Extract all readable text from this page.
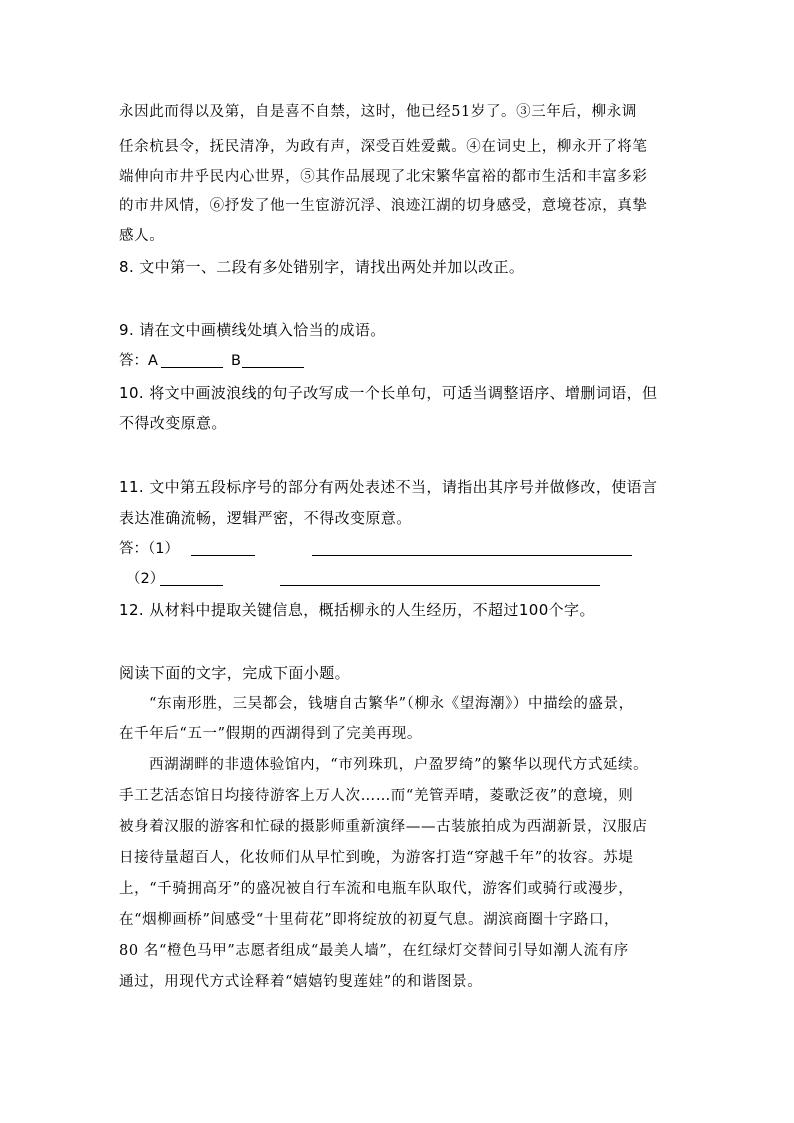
永因此而得以及第，自是喜不自禁，这时，他已经51岁了。③三年后，柳永调

任余杭县令，抚民清净，为政有声，深受百姓爱戴。④在词史上，柳永开了将笔

端伸向市井乎民内心世界，⑤其作品展现了北宋繁华富裕的都市生活和丰富多彩

的市井风情，⑥抒发了他一生宦游沉浮、浪迹江湖的切身感受，意境苍凉，真挚

感人。

8. 文中第一、二段有多处错别字，请找出两处并加以改正。

9. 请在文中画横线处填入恰当的成语。

答：A	B

10. 将文中画波浪线的句子改写成一个长单句，可适当调整语序、增删词语，但

不得改变原意。

11. 文中第五段标序号的部分有两处表述不当，请指出其序号并做修改，使语言

表达准确流畅，逻辑严密，不得改变原意。

答：（1）
（2）

12. 从材料中提取关键信息，概括柳永的人生经历，不超过100个字。

阅读下面的文字，完成下面小题。

“东南形胜，三吴都会，钱塘自古繁华”（柳永《望海潮》）中描绘的盛景，

在千年后“五一”假期的西湖得到了完美再现。

西湖湖畔的非遗体验馆内，“市列珠玑，户盈罗绮”的繁华以现代方式延续。

手工艺活态馆日均接待游客上万人次……而“羌管弄晴，菱歌泛夜”的意境，则

被身着汉服的游客和忙碌的摄影师重新演绎——古装旅拍成为西湖新景，汉服店

日接待量超百人，化妆师们从早忙到晚，为游客打造“穿越千年”的妆容。苏堤

上，“千骑拥高牙”的盛况被自行车流和电瓶车队取代，游客们或骑行或漫步，

在“烟柳画桥”间感受“十里荷花”即将绽放的初夏气息。湖滨商圈十字路口，

80 名“橙色马甲”志愿者组成“最美人墙”，在红绿灯交替间引导如潮人流有序

通过，用现代方式诠释着“嬉嬉钓叟莲娃”的和谐图景。
